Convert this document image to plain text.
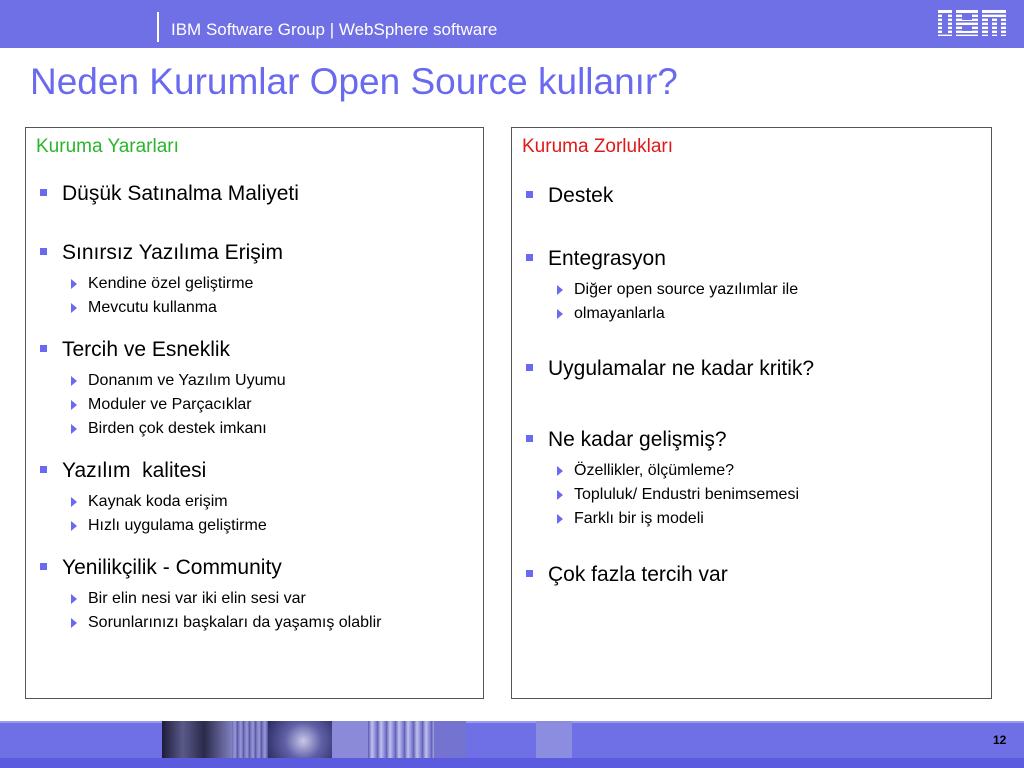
IBM Software Group | WebSphere software
Neden Kurumlar Open Source kullanır?
Kuruma Yararları
Düşük Satınalma Maliyeti
Sınırsız Yazılıma Erişim
Kendine özel geliştirme
Mevcutu kullanma
Tercih ve Esneklik
Donanım ve Yazılım Uyumu
Moduler ve Parçacıklar
Birden çok destek imkanı
Yazılım  kalitesi
Kaynak koda erişim
Hızlı uygulama geliştirme
Yenilikçilik - Community
Bir elin nesi var iki elin sesi var
Sorunlarınızı başkaları da yaşamış olablir
Kuruma Zorlukları
Destek
Entegrasyon
Diğer open source yazılımlar ile
olmayanlarla
Uygulamalar ne kadar kritik?
Ne kadar gelişmiş?
Özellikler, ölçümleme?
Topluluk/ Endustri benimsemesi
Farklı bir iş modeli
Çok fazla tercih var
12
